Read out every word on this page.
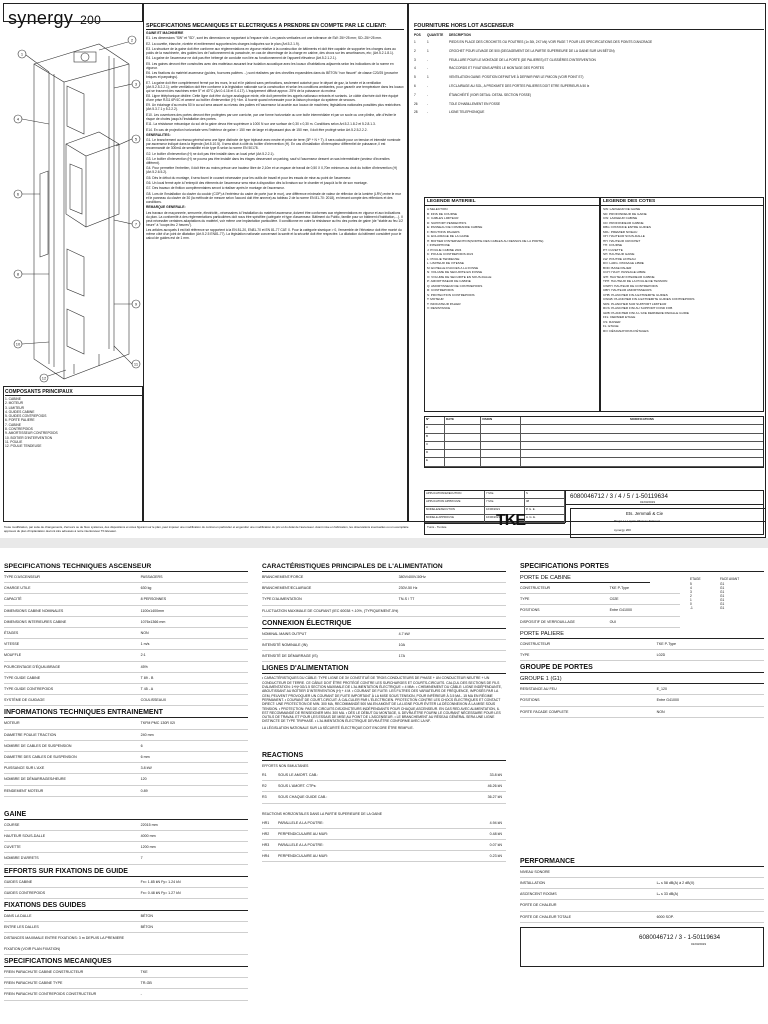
synergy 200
1
2
3
4
5
6
7
8
9
10
11
12
COMPOSANTS PRINCIPAUX
1. CABINE
2. MOTEUR
3. LIMITEUR
4. GUIDES CABINE
5. GUIDES CONTREPOIDS
6. PORTE PALIERE
7. CABINE
8. CONTREPOIDS
9. AMORTISSEUR CONTREPOIDS
10. BOITIER D'INTERVENTION
11. POULIE
12. POULIE TENDEUSE
SPECIFICATIONS MECANIQUES ET ELECTRIQUES A PRENDRE EN COMPTE PAR LE CLIENT:

GAINE ET MACHINERIE

E1. Les dimensions "SW" et "SD", sont les dimensions se rapportant à l'espace vide. Les parois verticales ont une tolérance de SW: 25/+25 mm; SD:-25/+25 mm.

E2. La cuvette, étanche, nivelée et entièrement supportera les charges indiquées sur le plan (Art.5.2.1.9).

E3. La structure de la gaine doit être conforme aux réglementations en vigueur relative à la construction de bâtiments et doit être capable de supporter les charges dues au poids de la machinerie, des guides lors de l'actionnement du parachute, en cas de décentrage de la charge en cabine, des chocs sur les amortisseurs, etc; (Art.5.2.1.8.1).

E4. La gaine de l'ascenseur ne doit pas être hébergé de conduite non liée au fonctionnement de l'appareil élévateur (Art.5.2.1.2.1).

E5. Les gaines devront être construites avec des matériaux assurant leur isolation acoustique avec les locaux d'habitations adjacents selon les indications de la norme en vigueur.

E6. Les fixations du matériel ascenseur (guides, fourrures palières ...) sont réalisées par des chevilles expansibles dans du BÉTON "non fissuré" de classe C20/25 (proscrire briques et parpaings).

E7. La gaine doit être complètement fermé par les murs, le sol et le plafond sans perforations, seulement autorisé pour le départ de gaz, la fumée et la ventilation (Art.5.2.5.2.2.1); cette ventilation doit être conforme à la législation nationale sur la construction et selon les conditions ambiantes, pour garantir une température dans les locaux qui se trouvent des machines entre 5° et 40°C (Art.0.4.16 et 0.4.17). L'équipement diffusé approx. 25% de la puissance du moteur.

E8. Ligne téléphonique dédiée: Cette ligne doit être du type analogique mixte, elle doit permettre les appels nationaux entrants et sortants. Le câble d'arrivée doit être équipé d'une prise RJ11 6P/4C et amené au boîtier d'intervention (H) +4m. À fournir quand nécessaire pour la liaison phonique du système de secours.

E9. Un éclairage d'au moins 50 lx au sol sera assuré au niveau des paliers et l'ascenseur lui accède aux locaux de machines; législations nationales possibles plus restrictives (Art.5.3.7.1 y 5.2.2.2).

E10. Les ouvertures des portes devront être protégées par une corniche, par une forme horizontale ou une boîte intermédiaire et par un socle ou une plinthe, afin d'éviter le risque de chutes jusqu'à l'installation des portes.

E11. La résistance mécanique du sol de la gaine devra être supérieure à 1000 N sur une surface de 0,30 x 0,30 m. Conditions selon Art.5.2.1.8.2 et 5.2.8.1.3.

E14. En cas de projection horizontale vers l'intérieur de gaine > 150 mm de large et dépassant plus de 150 mm, il doit être protégé selon Art.5.2.5.2.2.2.

GENERALITES:

G1. Le branchement au réseau général sera une ligne distincte de type triphasé avec neutre et prise de terre (3P + N + T). Il sera calculé pour un tension et intensité nominale par ascenseur indiqué dans la légende (Art.5.10.5). Il sera situé à côté du boîtier d'intervention (H). En cas d'installation d'interrupteur différentiel de puissance, il est recommandé de 300mA de sensibilité et de type B selon la norme EN 50178.

G2. Le boîtier d'intervention (H) ne doit pas être installé dans un local privé (Art.5.2.2.1).

G3. Le boîtier d'intervention (H) ne pourra pas être installé dans les étages desservant un parking, sauf si l'ascenseur dessert un sas intermédiaire (secteur d'incendies différent).

G4. Pour permettre l'entretien, il doit être au moins prévue une hauteur libre de 2,10m et un espace de travail de 0,50 X 0,70m minimum au droit du boîtier d'intervention (H) (Art.5.2.6.5.2).

G5. Dès le début du montage, il sera fourni le courant nécessaire pour les outils de travail et pour les essais de mise au point de l'ascenseur.

G6. Un local fermé apte à l'entrepôt des éléments de l'ascenseur sera mise à disposition dès la livraison sur le chantier et jusqu'à la fin de son montage.

G7. Des travaux de finition complémentaires seront à réaliser après le montage de l'ascenseur.

G8. Lors de l'installation du clavier du couloir (COP) à l'extérieur du cadre de porte (sur le mur), une différence minimale de valeur de réflexion de la lumière (LRV) entre le mur et le panneau du clavier de 30 (la méthode de mesure selon l'accord doit être annexe) au tableau 2 de la norme EN 81-70: 2018), en tenant compte des réflexions et des conditions.

REMARQUE GENERALE:

Les travaux de maçonnerie, serrurerie, électricité,..nécessaires à l'installation du matériel ascenseur, doivent être conformes aux réglementations en vigueur et aux indications du plan. La conformité à des réglementations particulières doit nous être spécifiée (catégorie et type d'ascenseur. Bâtiment du Public, famille pour un bâtiment d'habitation,...). Il peut nécessiter certaines adaptations du matériel, voir même une implantation particulière. Il conditionne en outre la résistance au feu des portes de gaine (de "stable au feu 1/2 heure" à "coupe-feu 2 heures").

Les articles auxquels il est fait référence se rapportent à la EN 81-20, EN81-70 et EN 81-77 CAT: 0. Pour la catégorie sismique > 0, l'ensemble de l'élévateur doit être monté du même côté d'un joint de dilatation (Art.5.2.5 EN81-77). La législation nationale concernant la santé et la sécurité doit être respectée. La dilatation du bâtiment considéré pour le calcul de guides est de 1 mm.

FOURNITURE HORS LOT ASCENSEUR
POS	QUANTITE	DESCRIPTION
1	1	PIEDS EN PLACE DES CROCHETS OU POUTRES (1x 30t, 2X7 kN) VOIR PAGE 7 POUR LES SPECIFICATIONS DES POINTS D'ANCRAGE
2	1	CROCHET POUR LEVAGE DE 500 (DEGAGEMENT DE LA PARTIE SUPERIEURE DE LA GAINE SUR UN BÉTON)
3	-	FEUILLURE POUR LE MONTAGE DE LA PORTE (DE PALIERES) ET GLISSIÈRES D'INTERVENTION
4	-	RACCORDS ET FIXATIONS APRÈS LE MONTAGE DES PORTES
5	1	VENTILATION GAINE: POSITION DEFINITIVE À DEFINIR PAR LE PMCON (VOIR POINT E7)
6	-	L'ECLAIRAGE AU SOL, A PROXIMITE DES PORTES PALIERES DOIT ETRE SUPERIEUR A 50 lx
7	-	ÉTANCHÉITÉ (VOIR DETAIL: DETAIL SECTION FOSSE)
26	-	TOLE D'HABILLEMENT EN FOSSE
28	-	LIGNE TELEPHONIQUE
LEGENDE MATERIEL
A:SELECTION
B: FINS DE COURSE
C: CABLES LIMITEUR
D: SUPPORT PENDENTIFS
E: PANNEAU DE COMMANDE CABINE
F: BOUTONS PALIERS
G: ECLAIRAGE DE LA GAINE
H: BOITIER D'INTERVENTION(SORTIE DES CABLES AU DESSUS DE LA PORTE)
I: INTERPHONE
J: POULIE CABINE 2D/4
K: POULIE CONTREPOIDS 2D/4
L: POULIE TENDEUSE
L: LIMITEUR DE VITESSE
M: ECHELLE D'ACCES A LA FOSSE
N: VOLUME DE SECURITE EN FOSSE
O: VOLUME DE SECURITE EN SOUS-DALLE
P: AMORTISSEUR DE CABINE
Q: AMORTISSEUR DE CONTREPOIDS
R: CONTREPOIDS
S: PROTECTION CONTREPOIDS
T: MOTEUR
T: INDICATEUR PALIER
V: RESISTANCE
LEGENDE DES COTES
SW: LARGEUR DE GAINE
SD: PROFONDEUR DE GAINE
CW: LARGEUR CABINE
CD: PROFONDEUR CABINE
DBG: DISTANCE ENTRE GUIDES
MFL: PREMIER NIVEAU
OH: HAUTEUR SOUS-DALLE
HH: HAUTEUR CROCHET
TH: COURSE
PT: CUVETTE
SH: HAUTEUR GAINE
LW: POUTRE LINTEAU
DO: LARG. PASSAGE LIBRE
BOD: BASE PALIER
CCH: HAUT. PASSAGE LIBRE
IZH: HAUTEUR INTERIEUR CABINE
TPH: HAUTEUR DE LA POULIE DE TENSION
CWPH: HAUTEUR DE CONTREPOIDS
CBH: HAUTEUR AMORTISSEURS
CHB: PLANCHER FIN A EXTREMITE GUIDES
CWGB: PLANCHER FIN A EXTREMITE GUIDES CONTREPOIDS
SDS: PLANCHER SUR SUPPORT LIMITEUR
RCS: PLANCHER FINI AU SUPPORT FOND FOB
GRB: PLANCHER FINI A L'AXE DERNIERE PARALLE GUIDE
FFL: DERNIER ETAGE
CS: RAISER
FL: ETAGE
RO: DÉSIGNATIONS D'ÉTAGES
Nº	DATE	VISION	MODIFICATIONS
A
B
C
D
E
APPLICATION/EXECUTION	7 M.E.	S
APPLICATION APPROUVE	7 M.E.	08
MODELE/EXECUTION	16/06/2021	P. G. E.
MODELE APPROUVE	16/06/2021	A. G. E.
6080046712 / 3 / 4 / 5 / 1-50119634
01/03/2019
Ets. Jemmali & Cie
Tunis - Tunisie
Toute modification, par suite de changements, d'erreurs ou de fluxo systèmes, des dispositions et cotes figurant sur le plan, peut imposer une modification du contrat en particulier et engendrer une modification du prix et du délai de l'ascenseur. Avant mise en fabrication, les observations éventuelles ou un exemplaire approuvé du plan d'implantation devront être adressés à notre interlocuteur TK Elevator.
TKE	Projet La Liqatte Plateau Talanad
synergy 200
SPECIFICATIONS TECHNIQUES ASCENSEUR
TYPE D'ASCENSEUR	PASSAGERS
CHARGE UTILE	630 kg
CAPACITÉ	8 PERSONNES
DIMENSIONS CABINE NOMINALES	1100x1400mm
DIMENSIONS INTERIEURES CABINE	1076x1366 mm
ÉTAGES	NON
VITESSE	1 m/s
MOUFFLE	2:1
POURCENTAGE D'ÉQUILIBRAGE	45%
TYPE GUIDE CABINE	T 89 - B
TYPE GUIDE CONTREPOIDS	T 45 - A
SYSTÈME DE GUIDAGE	COULISSEAUX
INFORMATIONS TECHNIQUES ENTRAINEMENT
MOTEUR	TKFM PMC 130R 02I
DIAMETRE POULIE TRACTION	240 mm
NOMBRE DE CABLES DE SUSPENSION	6
DIAMETRE DES CABLES DE SUSPENSION	6 mm
PUISSANCE SUR L'AXE	3.8 kW
NOMBRE DE DÉMARRAGES/HEURE	120
RENDEMENT MOTEUR	0.89
GAINE
COURSE	22015 mm
HAUTEUR SOUS-DALLE	4000 mm
CUVETTE	1200 mm
NOMBRE D'ARRETS	7
EFFORTS SUR FIXATIONS DE GUIDE
GUIDES CABINE	Fx= 1.85 kN Fy= 1.24 kN
GUIDES CONTREPOIDS	Fx= 0.48 kN Fy= 1.27 kN
FIXATIONS DES GUIDES
DANS LA DALLE	BÉTON
ENTRE LES DALLES	BÉTON
DISTANCES MAXIMALE ENTRE FIXATIONS: 3 m DEPUIS LA PREMIERE FIXATION (VOIR PLAN FIXATION)
SPECIFICATIONS MECANIQUES
FREIN PARACHUTE CABINE CONSTRUCTEUR	TKE
FREIN PARACHUTE CABINE TYPE	TR-GB
FREIN PARACHUTE CONTREPOIDS CONSTRUCTEUR	-
CARACTÉRISTIQUES PRINCIPALES DE L'ALIMENTATION
BRANCHEMENT/FORCE	380V/400V-50Hz
BRANCHEMENT/ECLAIRAGE	230V-50 Hz
TYPE D'ALIMENTATION	TN-S / TT
FLUCTUATION MAXIMALE DE COURANT (IEC 60038 +-10%, (TYPIQUEMENT-5%)
CONNEXION ÉLECTRIQUE
NOMINAL MAINS OUTPUT	4.7 kW
INTENSITÉ NOMINALE (IN)	10A
INTENSITÉ DE DÉMARRAGE (IS)	17A
LIGNES D'ALIMENTATION
• CARACTÉRISTIQUES DU CÂBLE: TYPE LIGNE DE 3V CONSTITUÉ DE TROIS CONDUCTEURS DE PHASE + UN CONDUCTEUR NEUTRE + UN CONDUCTEUR DE TERRE. CE CÂBLE DOIT ÊTRE PROTÉGÉ CONTRE LES SURCHARGES ET COURTS-CIRCUITS. CALCUL DES SECTIONS DE FILS D'ALIMENTATION: 1+N+3G/1.5 SECTION MAXIMALE DE L'ALIMENTATION ÉLECTRIQUE = 4 MM². • CHEMINEMENT DU CÂBLE: LIGNE INDÉPENDANTE, ABOUTISSANT AU BOÎTIER D'INTERVENTION (H) + 4 M. • COURANT DE FUITE: LES FILTRES DES VARIATEURS DE FRÉQUENCE, IMPOSÉS PAR LA CEM, PEUVENT PROVOQUER UN COURANT DE FUITE IMPORTANT À LA MISE SOUS TENSION, POUR INFÉRIEUR À 3.5 MA - 15 MA EN RÉGIME PERMANENT. • COURANT DE COURT-CIRCUIT: À CALCULER PAR L'ÉLECTRICIEN. PROTECTION CONTRE LES CHOCS ÉLECTRIQUES ET CONTACT DIRECT: UNE PROTECTION DE MIN. 300 MA, RECOMMANDÉ 500 MA EN AMONT DE LA LIGNE POUR ÉVITER LA DÉCONNEXION À LA MISE SOUS TENSION. • PROTECTION: PAS DE CIRCUITS DISJONCTEURS INDÉPENDANTS POUR CHAQUE ASCENSEUR. EN CAS RED AVEC ALIMENTATION, IL EST RECOMMANDÉ DE RENSEIGNER MIN. 300 MA. • DÈS LE DÉBUT DU MONTAGE, IL DEVRA ÊTRE FOURNI LE COURANT NÉCESSAIRE POUR LES OUTILS DE TRAVAIL ET POUR LES ESSAIS DE MISE AU POINT DE L'ASCENSEUR. • LE BRANCHEMENT AU RÉSEAU GÉNÉRAL SERA UNE LIGNE DISTINCTE DE TYPE TRIPHASÉ. • L'ALIMENTATION ÉLECTRIQUE DEVRA ÊTRE CONFORME AVEC LA NF.
LA LÉGISLATION NATIONALE SUR LA SÉCURITÉ ÉLECTRIQUE DOIT ENCORE ÊTRE REMPLIE.
REACTIONS
EFFORTS NON SIMULTANES
R1	SOUS LE AMORT. CAB.:	33.8 kN
R2	SOUS L'AMORT. CTPs:	46.26 kN
R3	SOUS CHAQUE GUIDE CAB.:	36.27 kN
REACTIONS HORIZONTALES DANS LA PARTIE SUPERIEURE DE LA GAINE
HR1	PARALLELE A LA POUTRE:	4.94 kN
HR2	PERPENDICULAIRE AU MUR:	0.48 kN
HR3	PARALLELE A LA POUTRE:	0.07 kN
HR4	PERPENDICULAIRE AU MUR:	0.23 kN
SPECIFICATIONS PORTES
PORTE DE CABINE	ETAGE	FACE AVANT
5	G1
4	G1
3	G1
2	G1
1	G1
0	G1
-1	G1
CONSTRUCTEUR	TKE P-Type
TYPE	C02E
POSITIONS	Entre G41000
DISPOSITIF DE VERROUILLAGE	OUI
PORTE PALIERE
CONSTRUCTEUR	TKE P-Type
TYPE	L02D
GROUPE DE PORTES
GROUPE 1 (G1)
RESISTANCE AU FEU	E_120
POSITIONS	Entre G41000
PORTE FACADE COMPLETE	NON
PERFORMANCE
NIVEAU SONORE
INSTALLATION	Lₐ ≤ 58 dB(A) à 2 dB(X)
ASCENCENT ROOMS	Lₐ ≤ 33 dB(A)
PORTE DE CHALEUR
PORTE DE CHALEUR TOTALE	6000 SOP.
6080046712 / 3 - 1-50119634
01/03/2019
